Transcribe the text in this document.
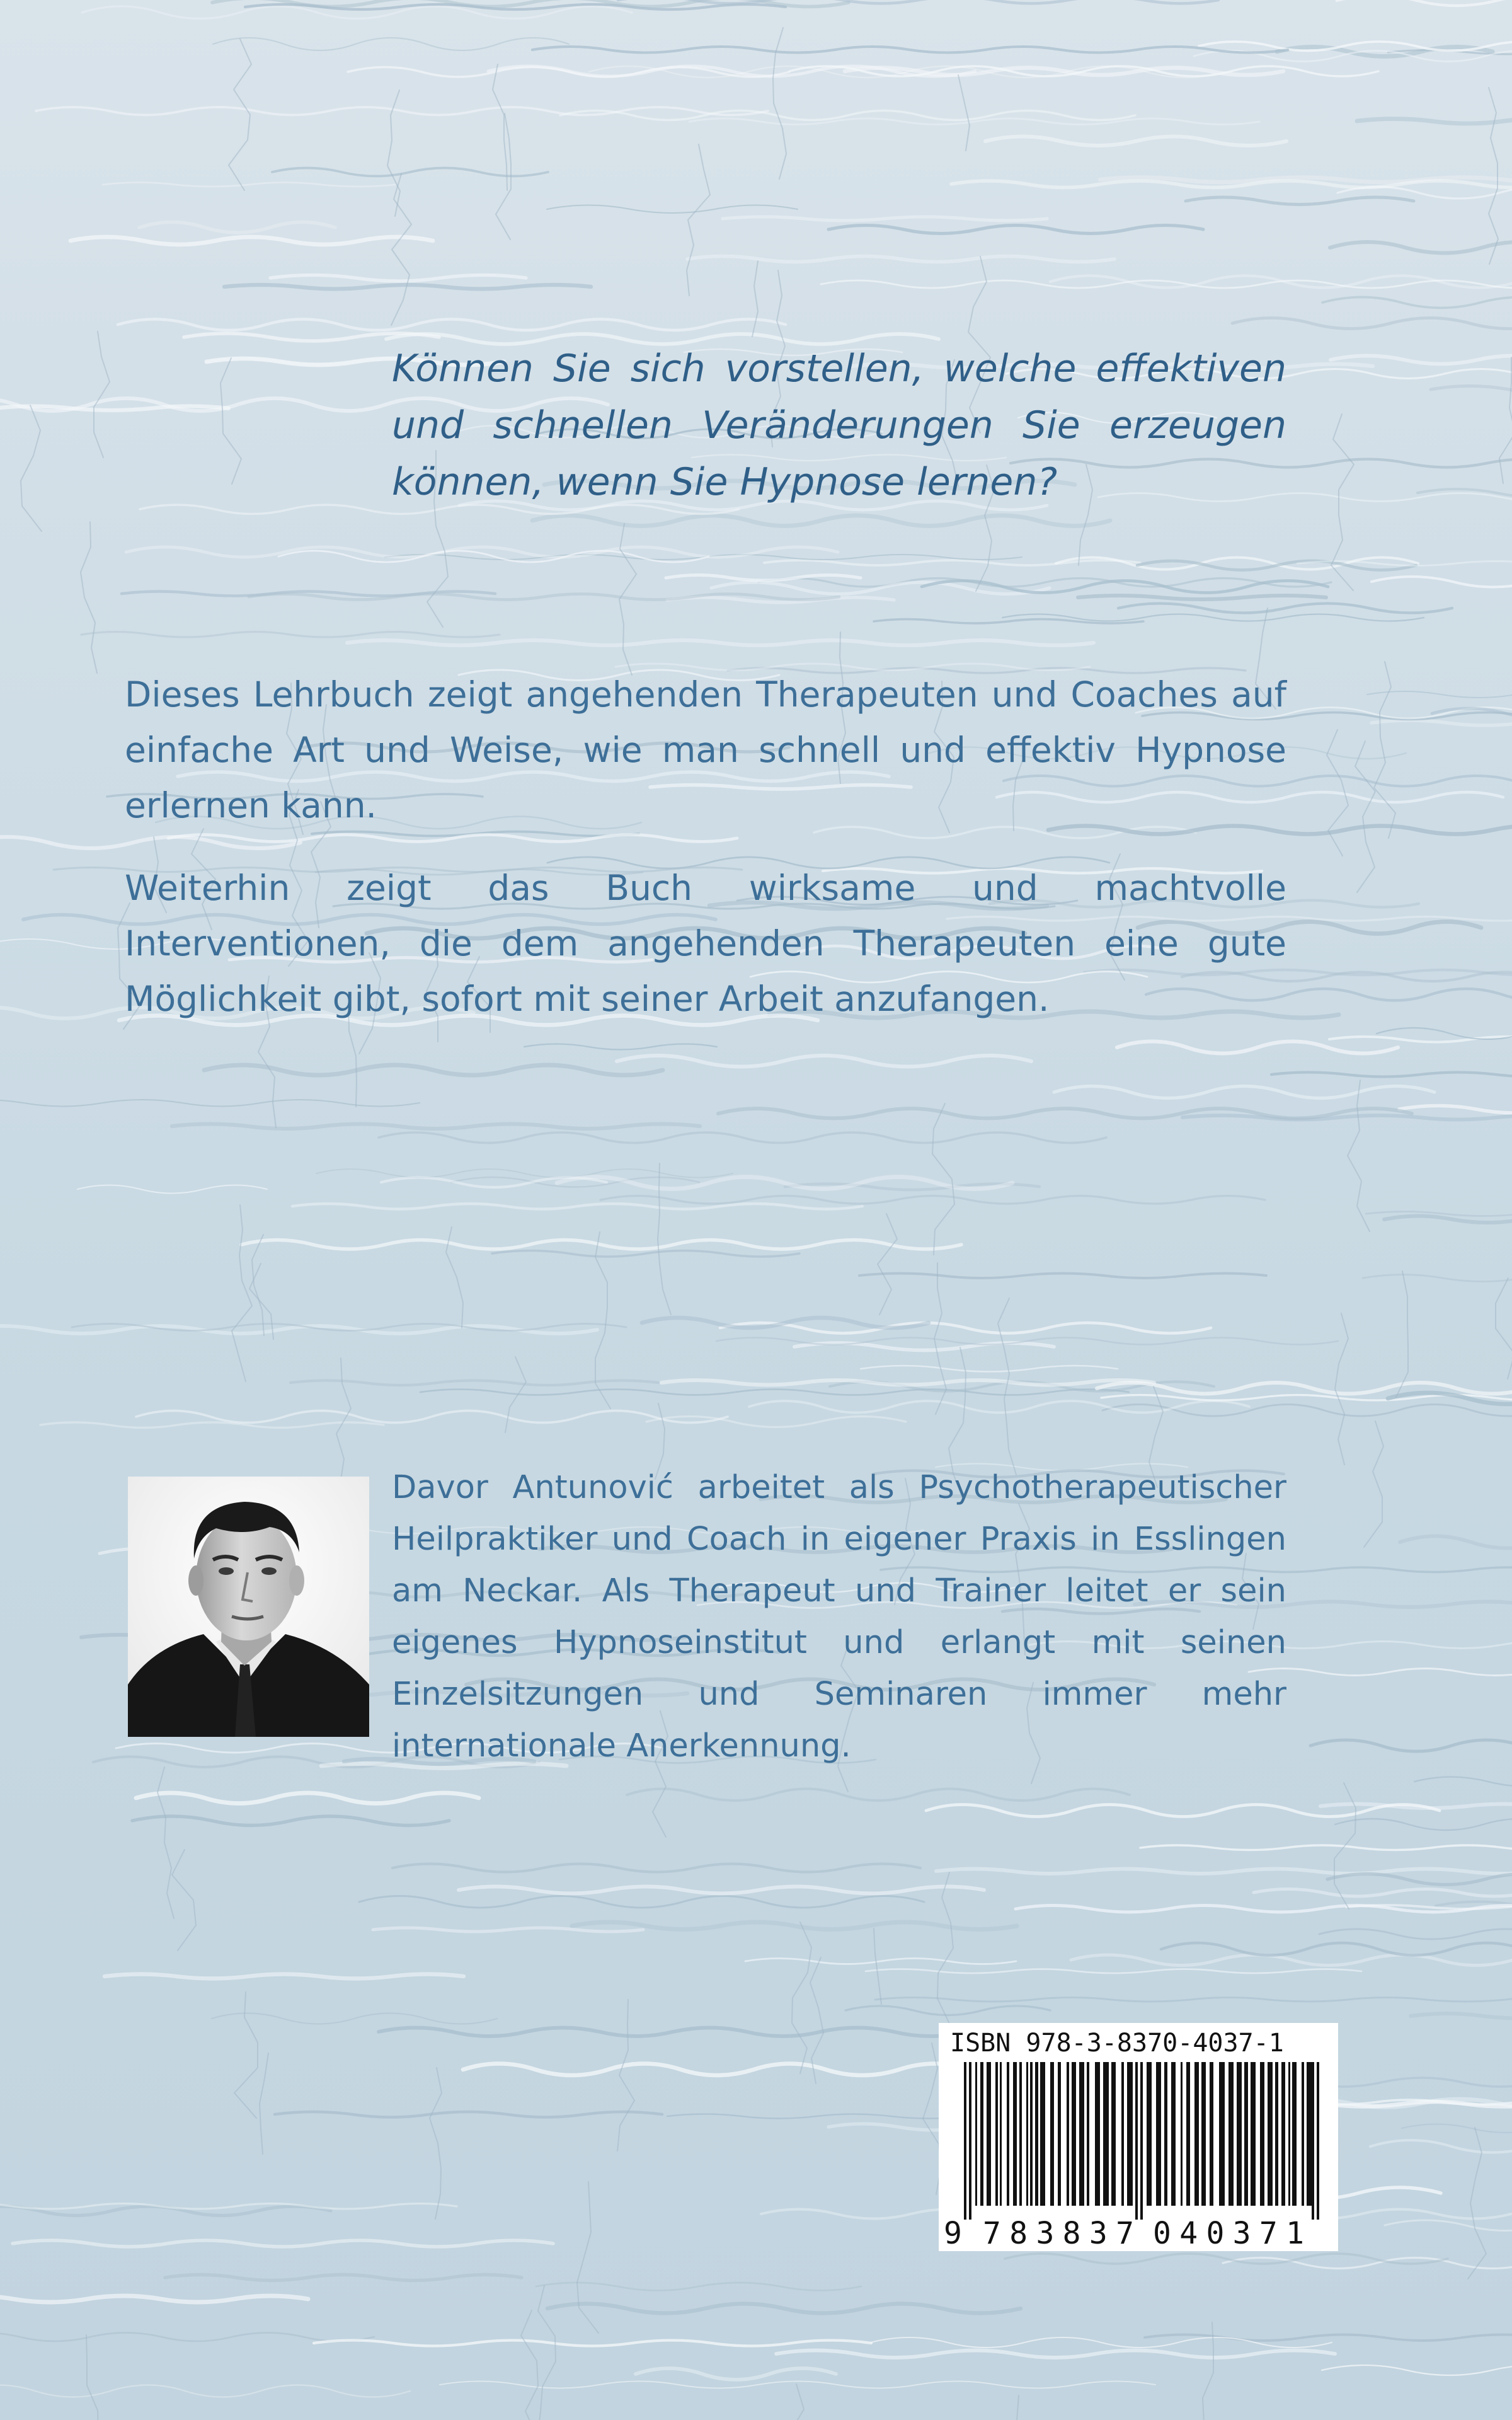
Können Sie sich vorstellen, welche effektiven und schnellen Veränderungen Sie erzeugen können, wenn Sie Hypnose lernen?

Dieses Lehrbuch zeigt angehenden Therapeuten und Coaches auf einfache Art und Weise, wie man schnell und effektiv Hypnose erlernen kann.

Weiterhin zeigt das Buch wirksame und machtvolle Interventionen, die dem angehenden Therapeuten eine gute Möglichkeit gibt, sofort mit seiner Arbeit anzufangen.

Davor Antunović arbeitet als Psychotherapeutischer Heilpraktiker und Coach in eigener Praxis in Esslingen am Neckar. Als Therapeut und Trainer leitet er sein eigenes Hypnoseinstitut und erlangt mit seinen Einzelsitzungen und Seminaren immer mehr internationale Anerkennung.

9 783837 040371
ISBN 978-3-8370-4037-1
